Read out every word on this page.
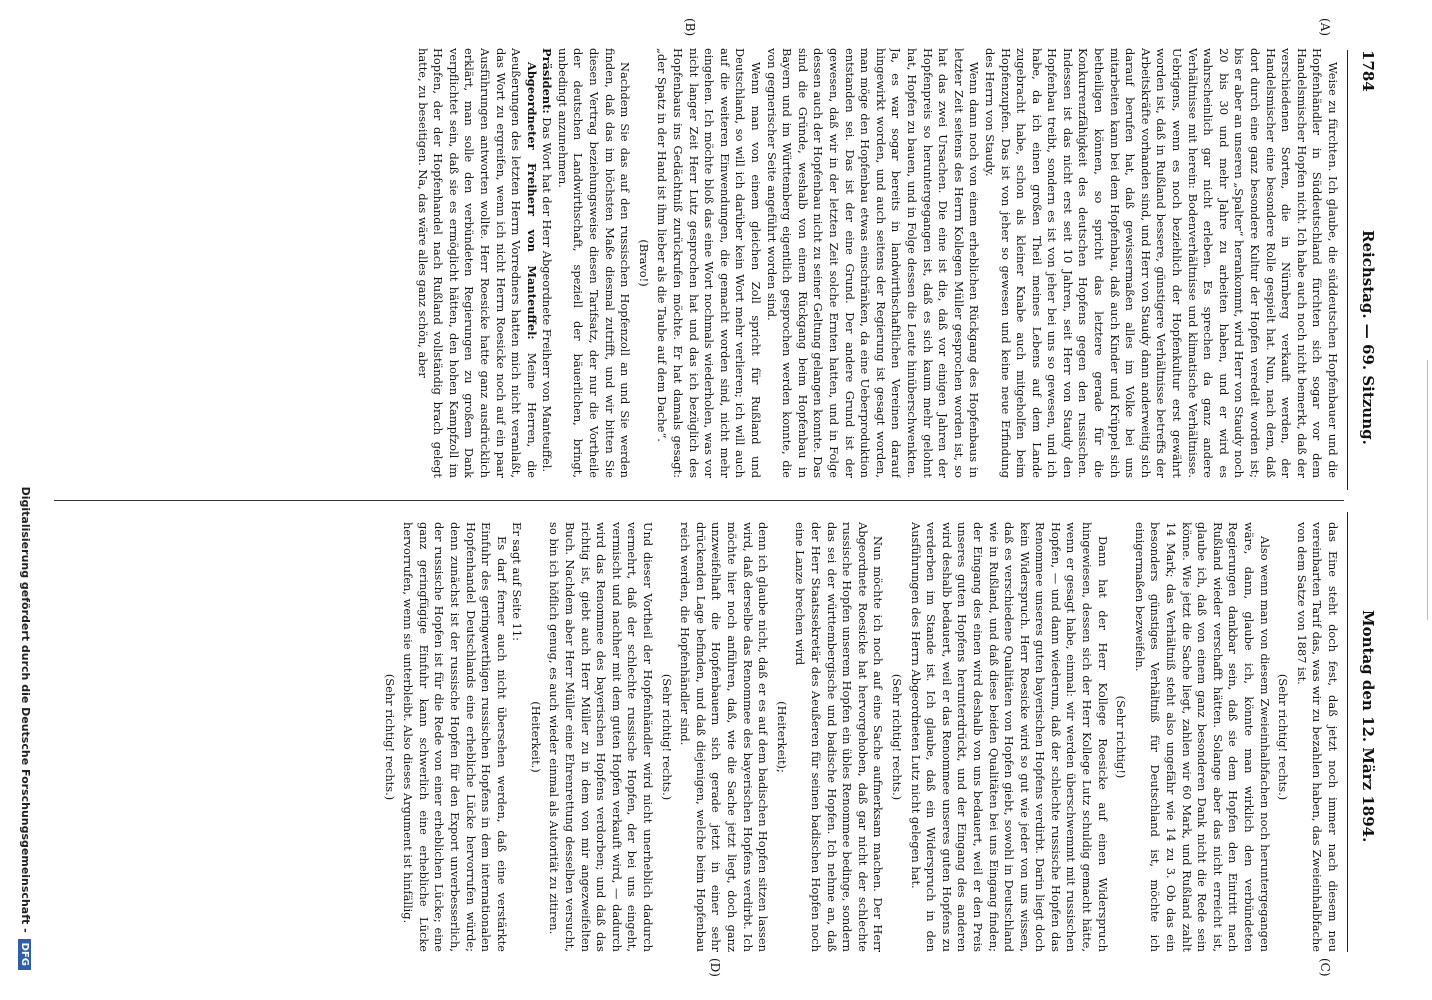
1784
Reichstag. — 69. Sitzung.
Montag den 12. März 1894.
(A)
(B)
(C)
(D)

Weise zu fürchten. Ich glaube, die süddeutschen Hopfenbauer und die Hopfenhändler in Süddeutschland fürchten sich sogar vor dem Handelsmischer Hopfen nicht. Ich habe auch noch nicht bemerkt, daß der verschiedenen Sorten, die in Nürnberg verkauft werden, der Handelsmischer eine besondere Rolle gespielt hat. Nun, nach dem, daß dort durch eine ganz besondere Kultur der Hopfen veredelt worden ist; bis er aber an unseren „Spalter“ herankommt, wird Herr von Staudy noch 20 bis 30 und mehr Jahre zu arbeiten haben, und er wird es wahrscheinlich gar nicht erleben. Es sprechen da ganz andere Verhältnisse mit herein: Bodenverhältnisse und klimatische Verhältnisse. Uebrigens, wenn es noch beziehlich der Hopfenkultur erst gewährt worden ist, daß in Rußland bessere, günstigere Verhältnisse betreffs der Arbeitskräfte vorhanden sind, und Herr von Staudy dann anderweitig sich darauf berufen hat, daß gewissermaßen alles im Volke bei uns mitarbeiten kann bei dem Hopfenbau, daß auch Kinder und Krüppel sich betheiligen können, so spricht das letztere gerade für die Konkurrenzfähigkeit des deutschen Hopfens gegen den russischen. Indessen ist das nicht erst seit 10 Jahren, seit Herr von Staudy den Hopfenbau treibt, sondern es ist von jeher bei uns so gewesen, und ich habe, da ich einen großen Theil meines Lebens auf dem Lande zugebracht habe, schon als kleiner Knabe auch mitgeholfen beim Hopfenzupfen. Das ist von jeher so gewesen und keine neue Erfindung des Herrn von Staudy.

Wenn dann noch von einem erheblichen Rückgang des Hopfenbaus in letzter Zeit seitens des Herrn Kollegen Müller gesprochen worden ist, so hat das zwei Ursachen. Die eine ist die, daß vor einigen Jahren der Hopfenpreis so heruntergegangen ist, daß es sich kaum mehr gelohnt hat, Hopfen zu bauen, und in Folge dessen die Leute hinüberschwenkten. Ja, es war sogar bereits in landwirthschaftlichen Vereinen darauf hingewirkt worden, und auch seitens der Regierung ist gesagt worden, man möge den Hopfenbau etwas einschränken, da eine Ueberproduktion entstanden sei. Das ist der eine Grund. Der andere Grund ist der gewesen, daß wir in der letzten Zeit solche Ernten hatten, und in Folge dessen auch der Hopfenbau nicht zu seiner Geltung gelangen konnte. Das sind die Gründe, weshalb von einem Rückgang beim Hopfenbau in Bayern und im Württemberg eigentlich gesprochen werden konnte, die von gegnerischer Seite angeführt worden sind.

Wenn man von einem gleichen Zoll spricht für Rußland und Deutschland, so will ich darüber kein Wort mehr verlieren; ich will auch auf die weiteren Einwendungen, die gemacht worden sind, nicht mehr eingehen. Ich möchte bloß das eine Wort nochmals wiederholen, was vor nicht langer Zeit Herr Lutz gesprochen hat und das ich bezüglich des Hopfenbaus ins Gedächtniß zurückrufen möchte. Er hat damals gesagt: „der Spatz in der Hand ist ihm lieber als die Taube auf dem Dache“.

(Bravo!)

Nachdem Sie das auf den russischen Hopfenzoll an und Sie werden finden, daß das im höchsten Maße diesmal zutrifft, und wir bitten Sie diesen Vertrag beziehungsweise diesen Tarifsatz, der nur die Vortheile der deutschen Landwirthschaft, speziell der bäuerlichen, bringt, unbedingt anzunehmen.

Präsident: Das Wort hat der Herr Abgeordnete Freiherr von Manteuffel.

Abgeordneter Freiherr von Manteuffel: Meine Herren, die Aeußerungen des letzten Herrn Vorredners hatten mich nicht veranlaßt, das Wort zu ergreifen, wenn ich nicht Herrn Roesicke noch auf ein paar Ausführungen antworten wollte. Herr Roesicke hatte ganz ausdrücklich erklärt, man solle den verbündeten Regierungen zu großem Dank verpflichtet sein, daß sie es ermöglicht hätten, den hohen Kampfzoll im Hopfen, der der Hopfenhandel nach Rußland vollständig brach gelegt hatte, zu beseitigen. Na, das wäre alles ganz schön, aber

das Eine steht doch fest, daß jetzt noch immer nach diesem neu vereinbarten Tarif das, was wir zu bezahlen haben, das Zweieinhalbfache von dem Satze von 1887 ist.

(Sehr richtig! rechts.)

Also wenn man von diesem Zweieinhalbfachen noch heruntergegangen wäre, dann, glaube ich, könnte man wirklich den verbündeten Regierungen dankbar sein, daß sie dem Hopfen den Eintritt nach Rußland wieder verschafft hätten. Solange aber das nicht erreicht ist, glaube ich, daß von einem ganz besonderen Dank nicht die Rede sein könne. Wie jetzt die Sache liegt, zahlen wir 60 Mark, und Rußland zahlt 14 Mark; das Verhältniß steht also ungefähr wie 14 zu 3. Ob das ein besonders günstiges Verhältniß für Deutschland ist, möchte ich einigermaßen bezweifeln.

(Sehr richtig!)

Dann hat der Herr Kollege Roesicke auf einen Widerspruch hingewiesen, dessen sich der Herr Kollege Lutz schuldig gemacht hätte, wenn er gesagt habe, einmal: wir werden überschwemmt mit russischen Hopfen, — und dann wiederum, daß der schlechte russische Hopfen das Renommee unseres guten bayerischen Hopfens verdirbt. Darin liegt doch kein Widerspruch. Herr Roesicke wird so gut wie jeder von uns wissen, daß es verschiedene Qualitäten von Hopfen giebt, sowohl in Deutschland wie in Rußland, und daß diese beiden Qualitäten bei uns Eingang finden; der Eingang des einen wird deshalb von uns bedauert, weil er den Preis unseres guten Hopfens herunterdrückt, und der Eingang des anderen wird deshalb bedauert, weil er das Renommee unseres guten Hopfens zu verderben im Stande ist. Ich glaube, daß ein Widerspruch in den Ausführungen des Herrn Abgeordneten Lutz nicht gelegen hat.

(Sehr richtig! rechts.)

Nun möchte ich noch auf eine Sache aufmerksam machen. Der Herr Abgeordnete Roesicke hat hervorgehoben, daß gar nicht der schlechte russische Hopfen unserem Hopfen ein übles Renommee bedinge, sondern das sei der württembergische und badische Hopfen. Ich nehme an, daß der Herr Staatssekretär des Aeußeren für seinen badischen Hopfen noch eine Lanze brechen wird

(Heiterkeit);

denn ich glaube nicht, daß er es auf dem badischen Hopfen sitzen lassen wird, daß derselbe das Renommee des bayerischen Hopfens verdirbt. Ich möchte hier noch anführen, daß, wie die Sache jetzt liegt, doch ganz unzweifelhaft die Hopfenbauern sich gerade jetzt in einer sehr drückenden Lage befinden, und daß diejenigen, welche beim Hopfenbau reich werden, die Hopfenhändler sind.

(Sehr richtig! rechts.)

Und dieser Vortheil der Hopfenhändler wird nicht unerheblich dadurch vermehrt, daß der schlechte russische Hopfen, der bei uns eingeht, vermischt und nachher mit dem guten Hopfen verkauft wird, — dadurch wird das Renommee des bayerischen Hopfens verdorben; und daß das richtig ist, giebt auch Herr Müller zu in dem von mir angezweifelten Buch. Nachdem aber Herr Müller eine Ehrenrettung desselben versucht, so bin ich höflich genug, es auch wieder einmal als Autorität zu zitiren.

(Heiterkeit.)

Er sagt auf Seite 11:

Es darf ferner auch nicht übersehen werden, daß eine verstärkte Einfuhr des geringwerthigen russischen Hopfens in dem internationalen Hopfenhandel Deutschlands eine erhebliche Lücke hervorrufen würde; denn zunächst ist der russische Hopfen für den Export unverbesserlich, der russische Hopfen ist für die Rede von einer erheblichen Lücke; eine ganz geringfügige Einfuhr kann schwerlich eine erhebliche Lücke hervorrufen, wenn sie unterbleibt. Also dieses Argument ist hinfällig.

(Sehr richtig! rechts.)

Digitalisierung gefördert durch die Deutsche Forschungsgemeinschaft -DFG
